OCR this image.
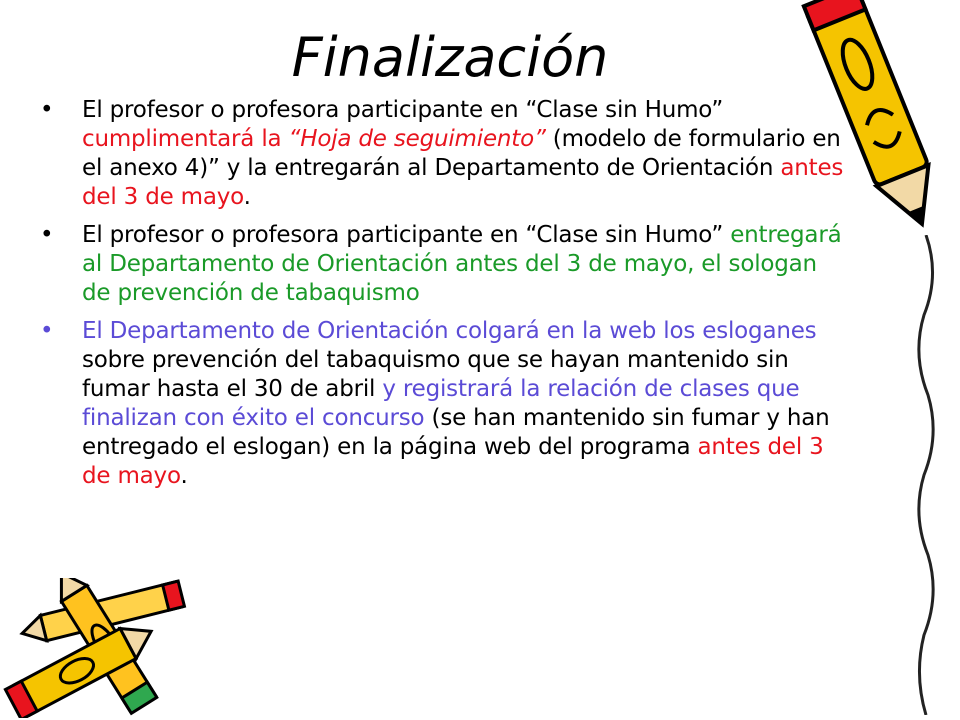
Finalización
• El profesor o profesora participante en “Clase sin Humo” cumplimentará la “Hoja de seguimiento” (modelo de formulario en el anexo 4)” y la entregarán al Departamento de Orientación antes del 3 de mayo.
• El profesor o profesora participante en “Clase sin Humo” entregará al Departamento de Orientación antes del 3 de mayo, el sologan de prevención de tabaquismo
• El Departamento de Orientación colgará en la web los esloganes sobre prevención del tabaquismo que se hayan mantenido sin fumar hasta el 30 de abril y registrará la relación de clases que finalizan con éxito el concurso (se han mantenido sin fumar y han entregado el eslogan) en la página web del programa antes del 3 de mayo.
